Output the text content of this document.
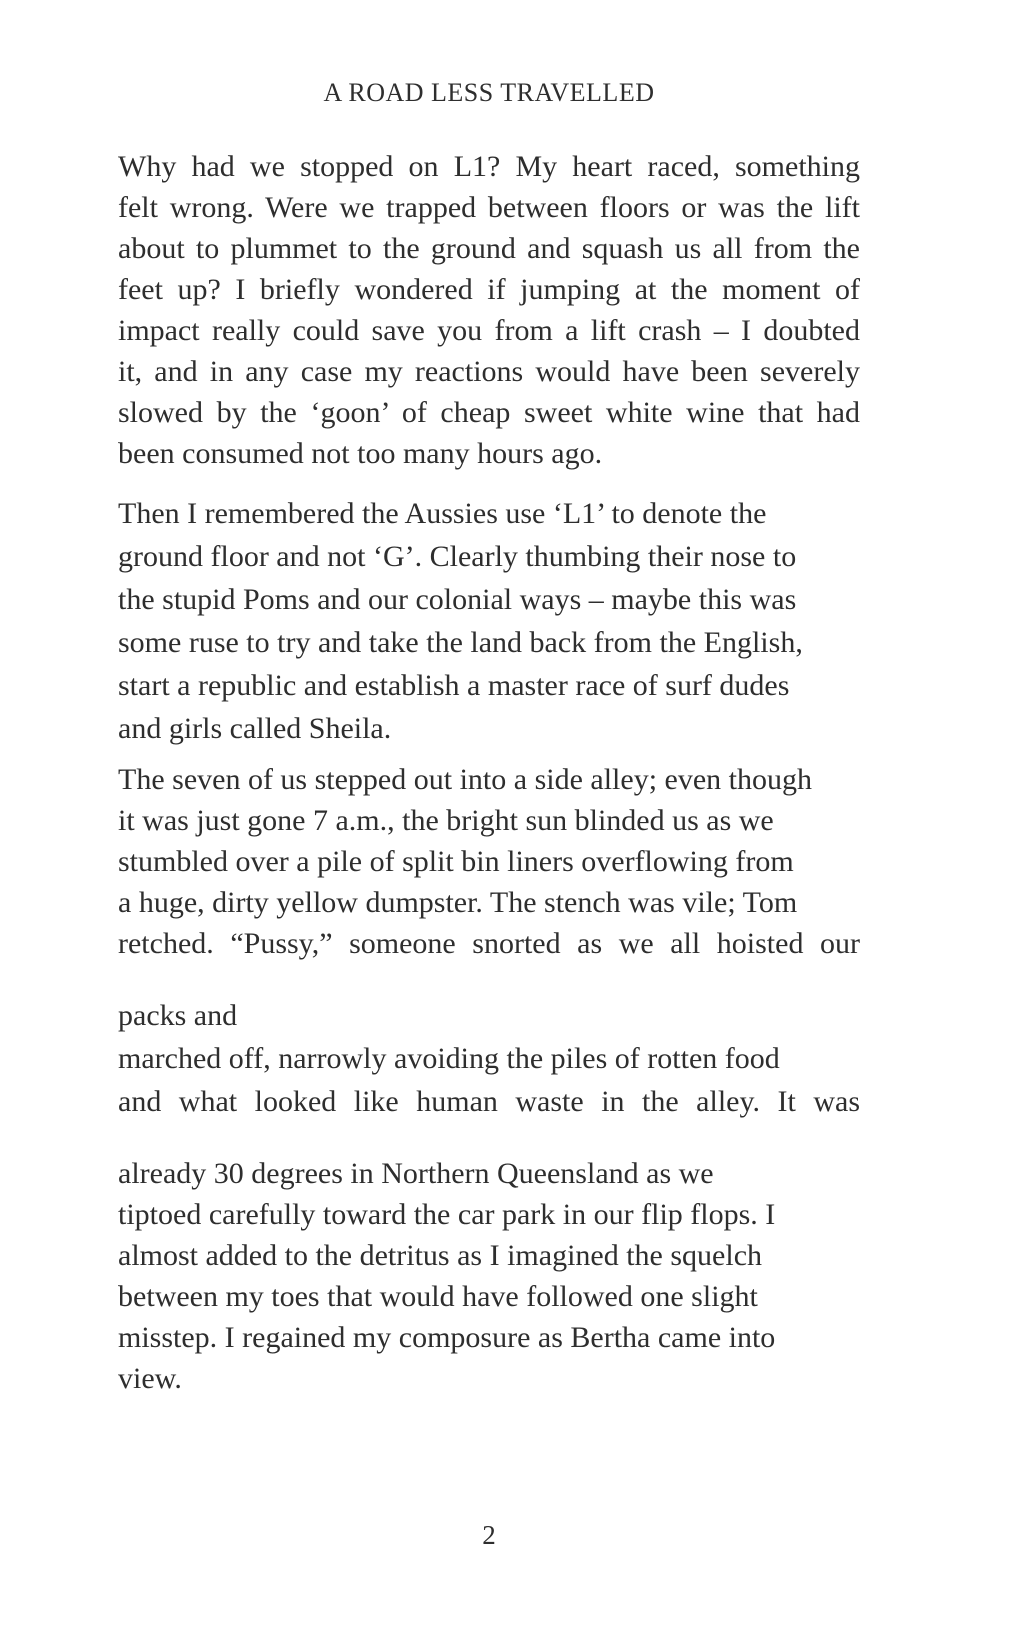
A ROAD LESS TRAVELLED
Why had we stopped on L1? My heart raced, something
felt wrong. Were we trapped between floors or was the lift
about to plummet to the ground and squash us all from the
feet up? I briefly wondered if jumping at the moment of
impact really could save you from a lift crash – I doubted
it, and in any case my reactions would have been severely
slowed by the ‘goon’ of cheap sweet white wine that had
been consumed not too many hours ago.
Then I remembered the Aussies use ‘L1’ to denote the
ground floor and not ‘G’. Clearly thumbing their nose to
the stupid Poms and our colonial ways – maybe this was
some ruse to try and take the land back from the English,
start a republic and establish a master race of surf dudes
and girls called Sheila.
The seven of us stepped out into a side alley; even though
it was just gone 7 a.m., the bright sun blinded us as we
stumbled over a pile of split bin liners overflowing from
a huge, dirty yellow dumpster. The stench was vile; Tom
retched. “Pussy,” someone snorted as we all hoisted our
packs and
marched off, narrowly avoiding the piles of rotten food
and what looked like human waste in the alley. It was
already 30 degrees in Northern Queensland as we
tiptoed carefully toward the car park in our flip flops. I
almost added to the detritus as I imagined the squelch
between my toes that would have followed one slight
misstep. I regained my composure as Bertha came into
view.
2
